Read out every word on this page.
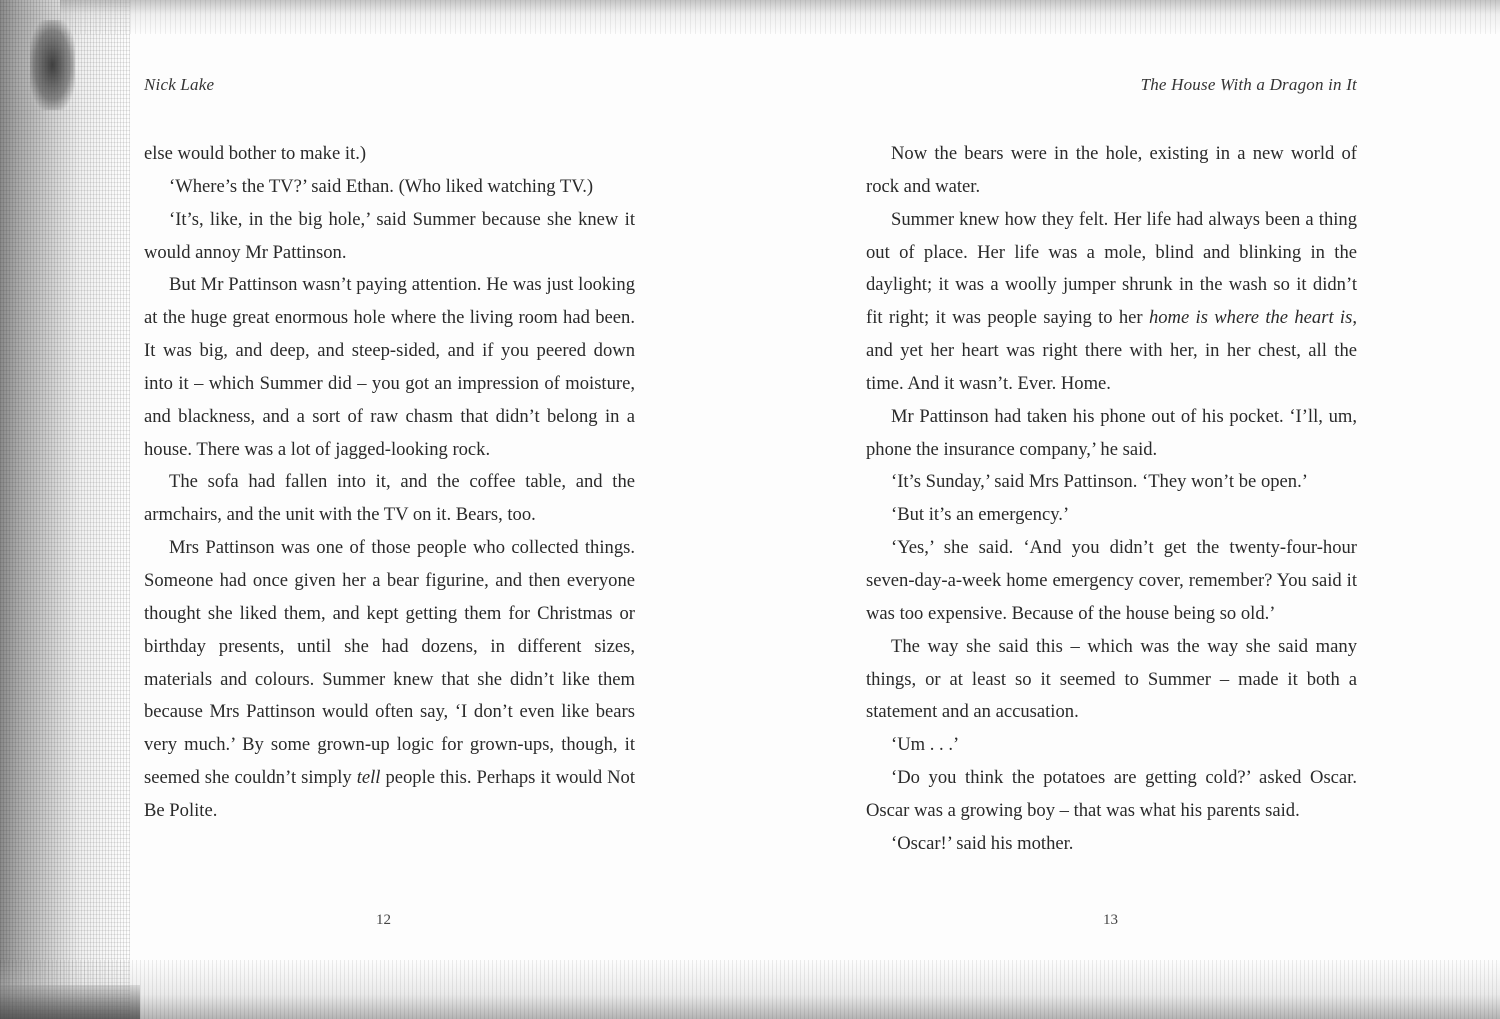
Nick Lake

else would bother to make it.)

‘Where’s the TV?’ said Ethan. (Who liked watching TV.)

‘It’s, like, in the big hole,’ said Summer because she knew it would annoy Mr Pattinson.

But Mr Pattinson wasn’t paying attention. He was just looking at the huge great enormous hole where the living room had been. It was big, and deep, and steep-sided, and if you peered down into it – which Summer did – you got an impression of moisture, and blackness, and a sort of raw chasm that didn’t belong in a house. There was a lot of jagged-looking rock.

The sofa had fallen into it, and the coffee table, and the armchairs, and the unit with the TV on it. Bears, too.

Mrs Pattinson was one of those people who collected things. Someone had once given her a bear figurine, and then everyone thought she liked them, and kept getting them for Christmas or birthday presents, until she had dozens, in different sizes, materials and colours. Summer knew that she didn’t like them because Mrs Pattinson would often say, ‘I don’t even like bears very much.’ By some grown-up logic for grown-ups, though, it seemed she couldn’t simply tell people this. Perhaps it would Not Be Polite.

12
The House With a Dragon in It

Now the bears were in the hole, existing in a new world of rock and water.

Summer knew how they felt. Her life had always been a thing out of place. Her life was a mole, blind and blinking in the daylight; it was a woolly jumper shrunk in the wash so it didn’t fit right; it was people saying to her home is where the heart is, and yet her heart was right there with her, in her chest, all the time. And it wasn’t. Ever. Home.

Mr Pattinson had taken his phone out of his pocket. ‘I’ll, um, phone the insurance company,’ he said.

‘It’s Sunday,’ said Mrs Pattinson. ‘They won’t be open.’

‘But it’s an emergency.’

‘Yes,’ she said. ‘And you didn’t get the twenty-four-hour seven-day-a-week home emergency cover, remember? You said it was too expensive. Because of the house being so old.’

The way she said this – which was the way she said many things, or at least so it seemed to Summer – made it both a statement and an accusation.

‘Um . . .’

‘Do you think the potatoes are getting cold?’ asked Oscar. Oscar was a growing boy – that was what his parents said.

‘Oscar!’ said his mother.

13
